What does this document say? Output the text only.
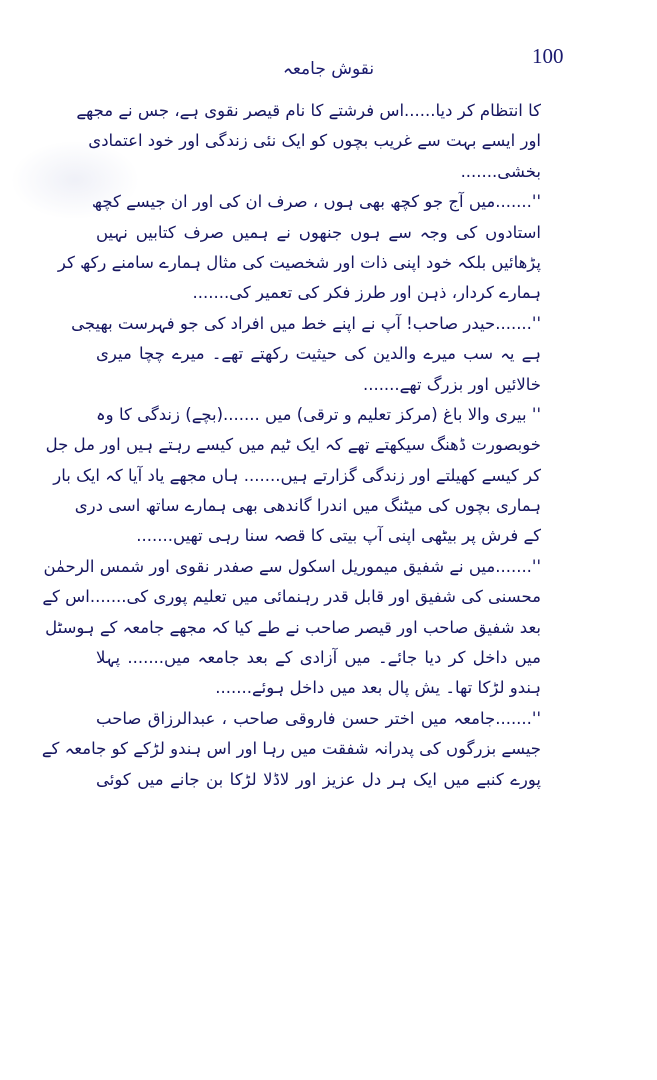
100
نقوش جامعہ
کا انتظام کر دیا......اس فرشتے کا نام قیصر نقوی ہے، جس نے مجھے
اور ایسے بہت سے غریب بچوں کو ایک نئی زندگی اور خود اعتمادی
بخشی.......
''.......میں آج جو کچھ بھی ہوں ، صرف ان کی اور ان جیسے کچھ
استادوں کی وجہ سے ہوں جنھوں نے ہمیں صرف کتابیں نہیں
پڑھائیں بلکہ خود اپنی ذات اور شخصیت کی مثال ہمارے سامنے رکھ کر
ہمارے کردار، ذہن اور طرز فکر کی تعمیر کی.......
''.......حیدر صاحب! آپ نے اپنے خط میں افراد کی جو فہرست بھیجی
ہے یہ سب میرے والدین کی حیثیت رکھتے تھے۔ میرے چچا میری
خالائیں اور بزرگ تھے.......
'' بیری والا باغ (مرکز تعلیم و ترقی) میں .......(بچے) زندگی کا وہ
خوبصورت ڈھنگ سیکھتے تھے کہ ایک ٹیم میں کیسے رہتے ہیں اور مل جل
کر کیسے کھیلتے اور زندگی گزارتے ہیں....... ہاں مجھے یاد آیا کہ ایک بار
ہماری بچوں کی میٹنگ میں اندرا گاندھی بھی ہمارے ساتھ اسی دری
کے فرش پر بیٹھی اپنی آپ بیتی کا قصہ سنا رہی تھیں.......
''.......میں نے شفیق میموریل اسکول سے صفدر نقوی اور شمس الرحمٰن
محسنی کی شفیق اور قابل قدر رہنمائی میں تعلیم پوری کی.......اس کے
بعد شفیق صاحب اور قیصر صاحب نے طے کیا کہ مجھے جامعہ کے ہوسٹل
میں داخل کر دیا جائے۔ میں آزادی کے بعد جامعہ میں....... پہلا
ہندو لڑکا تھا۔ یش پال بعد میں داخل ہوئے.......
''.......جامعہ میں اختر حسن فاروقی صاحب ، عبدالرزاق صاحب
جیسے بزرگوں کی پدرانہ شفقت میں رہا اور اس ہندو لڑکے کو جامعہ کے
پورے کنبے میں ایک ہر دل عزیز اور لاڈلا لڑکا بن جانے میں کوئی
